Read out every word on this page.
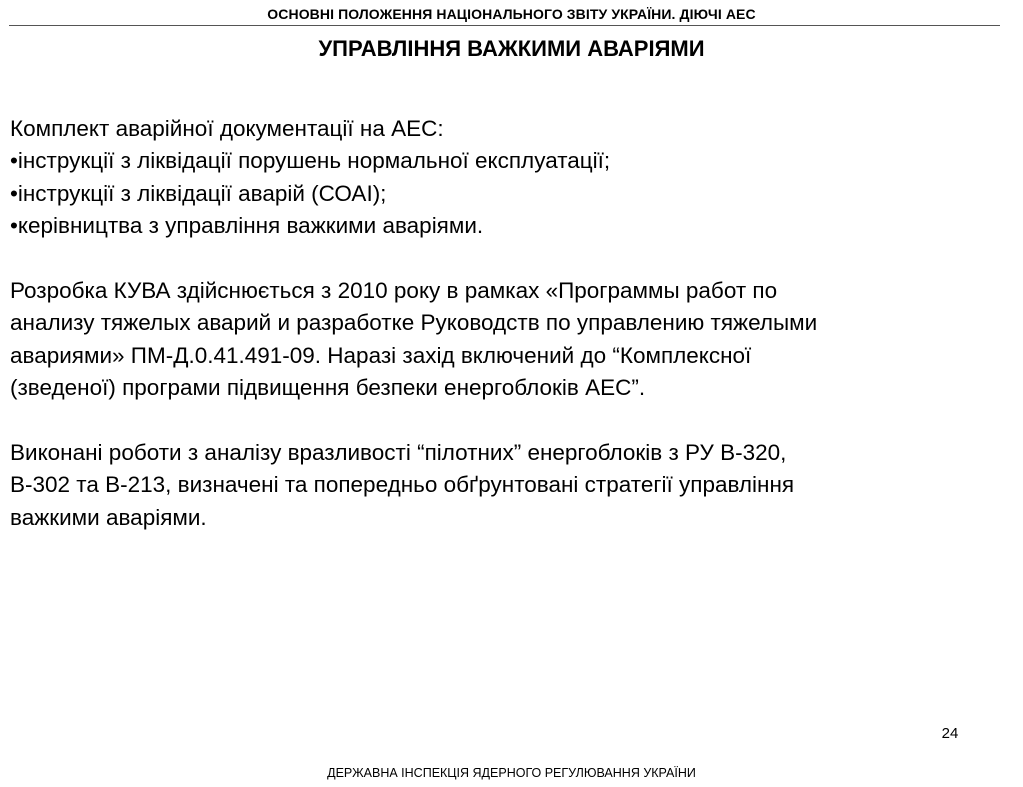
ОСНОВНІ ПОЛОЖЕННЯ НАЦІОНАЛЬНОГО ЗВІТУ УКРАЇНИ. ДІЮЧІ АЕС
УПРАВЛІННЯ ВАЖКИМИ АВАРІЯМИ
Комплект аварійної документації на АЕС:
•інструкції з ліквідації порушень нормальної експлуатації;
•інструкції з ліквідації аварій (СОАІ);
•керівництва з управління важкими аваріями.
Розробка КУВА здійснюється з 2010 року в рамках «Программы работ по
анализу тяжелых аварий и разработке Руководств по управлению тяжелыми
авариями» ПМ-Д.0.41.491-09. Наразі захід включений до “Комплексної
(зведеної) програми підвищення безпеки енергоблоків АЕС”.
Виконані роботи з аналізу вразливості “пілотних” енергоблоків з РУ В-320,
В-302 та В-213, визначені та попередньо обґрунтовані стратегії управління
важкими аваріями.
24
ДЕРЖАВНА ІНСПЕКЦІЯ ЯДЕРНОГО РЕГУЛЮВАННЯ УКРАЇНИ
